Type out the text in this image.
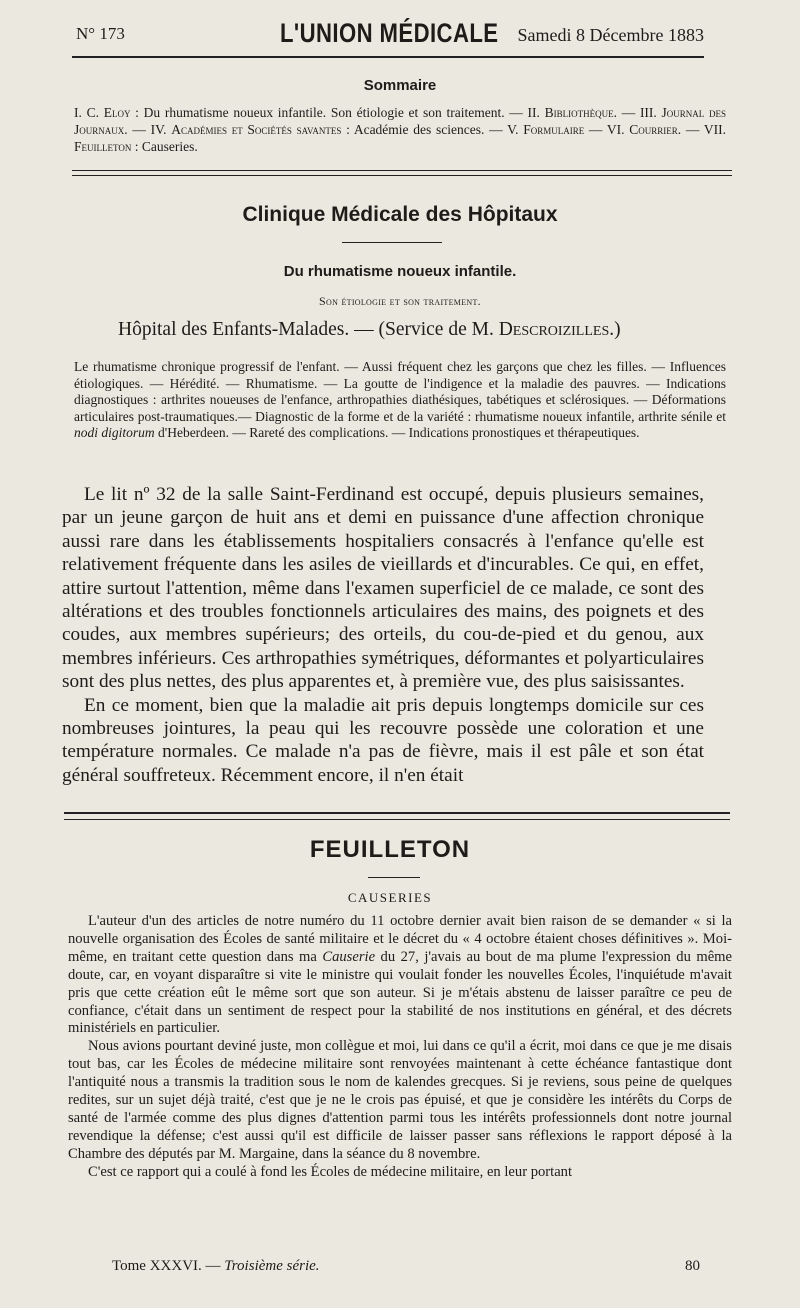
N° 173	L'UNION MÉDICALE Samedi 8 Décembre 1883
Sommaire
I. C. Eloy : Du rhumatisme noueux infantile. Son étiologie et son traitement. — II. Bibliothèque. — III. Journal des Journaux. — IV. Académies et Sociétés savantes : Académie des sciences. — V. Formulaire — VI. Courrier. — VII. Feuilleton : Causeries.
Clinique Médicale des Hôpitaux
Du rhumatisme noueux infantile.
Son étiologie et son traitement.
Hôpital des Enfants-Malades. — (Service de M. Descroizilles.)
Le rhumatisme chronique progressif de l'enfant. — Aussi fréquent chez les garçons que chez les filles. — Influences étiologiques. — Hérédité. — Rhumatisme. — La goutte de l'indigence et la maladie des pauvres. — Indications diagnostiques : arthrites noueuses de l'enfance, arthropathies diathésiques, tabétiques et sclérosiques. — Déformations articulaires post-traumatiques.— Diagnostic de la forme et de la variété : rhumatisme noueux infantile, arthrite sénile et nodi digitorum d'Heberdeen. — Rareté des complications. — Indications pronostiques et thérapeutiques.

Le lit nº 32 de la salle Saint-Ferdinand est occupé, depuis plusieurs semaines, par un jeune garçon de huit ans et demi en puissance d'une affection chronique aussi rare dans les établissements hospitaliers consacrés à l'enfance qu'elle est relativement fréquente dans les asiles de vieillards et d'incurables. Ce qui, en effet, attire surtout l'attention, même dans l'examen superficiel de ce malade, ce sont des altérations et des troubles fonctionnels articulaires des mains, des poignets et des coudes, aux membres supérieurs; des orteils, du cou-de-pied et du genou, aux membres inférieurs. Ces arthropathies symétriques, déformantes et polyarticulaires sont des plus nettes, des plus apparentes et, à première vue, des plus saisissantes.

En ce moment, bien que la maladie ait pris depuis longtemps domicile sur ces nombreuses jointures, la peau qui les recouvre possède une coloration et une température normales. Ce malade n'a pas de fièvre, mais il est pâle et son état général souffreteux. Récemment encore, il n'en était

FEUILLETON
CAUSERIES

L'auteur d'un des articles de notre numéro du 11 octobre dernier avait bien raison de se demander « si la nouvelle organisation des Écoles de santé militaire et le décret du « 4 octobre étaient choses définitives ». Moi-même, en traitant cette question dans ma Causerie du 27, j'avais au bout de ma plume l'expression du même doute, car, en voyant disparaître si vite le ministre qui voulait fonder les nouvelles Écoles, l'inquiétude m'avait pris que cette création eût le même sort que son auteur. Si je m'étais abstenu de laisser paraître ce peu de confiance, c'était dans un sentiment de respect pour la stabilité de nos institutions en général, et des décrets ministériels en particulier.

Nous avions pourtant deviné juste, mon collègue et moi, lui dans ce qu'il a écrit, moi dans ce que je me disais tout bas, car les Écoles de médecine militaire sont renvoyées maintenant à cette échéance fantastique dont l'antiquité nous a transmis la tradition sous le nom de kalendes grecques. Si je reviens, sous peine de quelques redites, sur un sujet déjà traité, c'est que je ne le crois pas épuisé, et que je considère les intérêts du Corps de santé de l'armée comme des plus dignes d'attention parmi tous les intérêts professionnels dont notre journal revendique la défense; c'est aussi qu'il est difficile de laisser passer sans réflexions le rapport déposé à la Chambre des députés par M. Margaine, dans la séance du 8 novembre.

C'est ce rapport qui a coulé à fond les Écoles de médecine militaire, en leur portant

Tome XXXVI. — Troisième série.	80
